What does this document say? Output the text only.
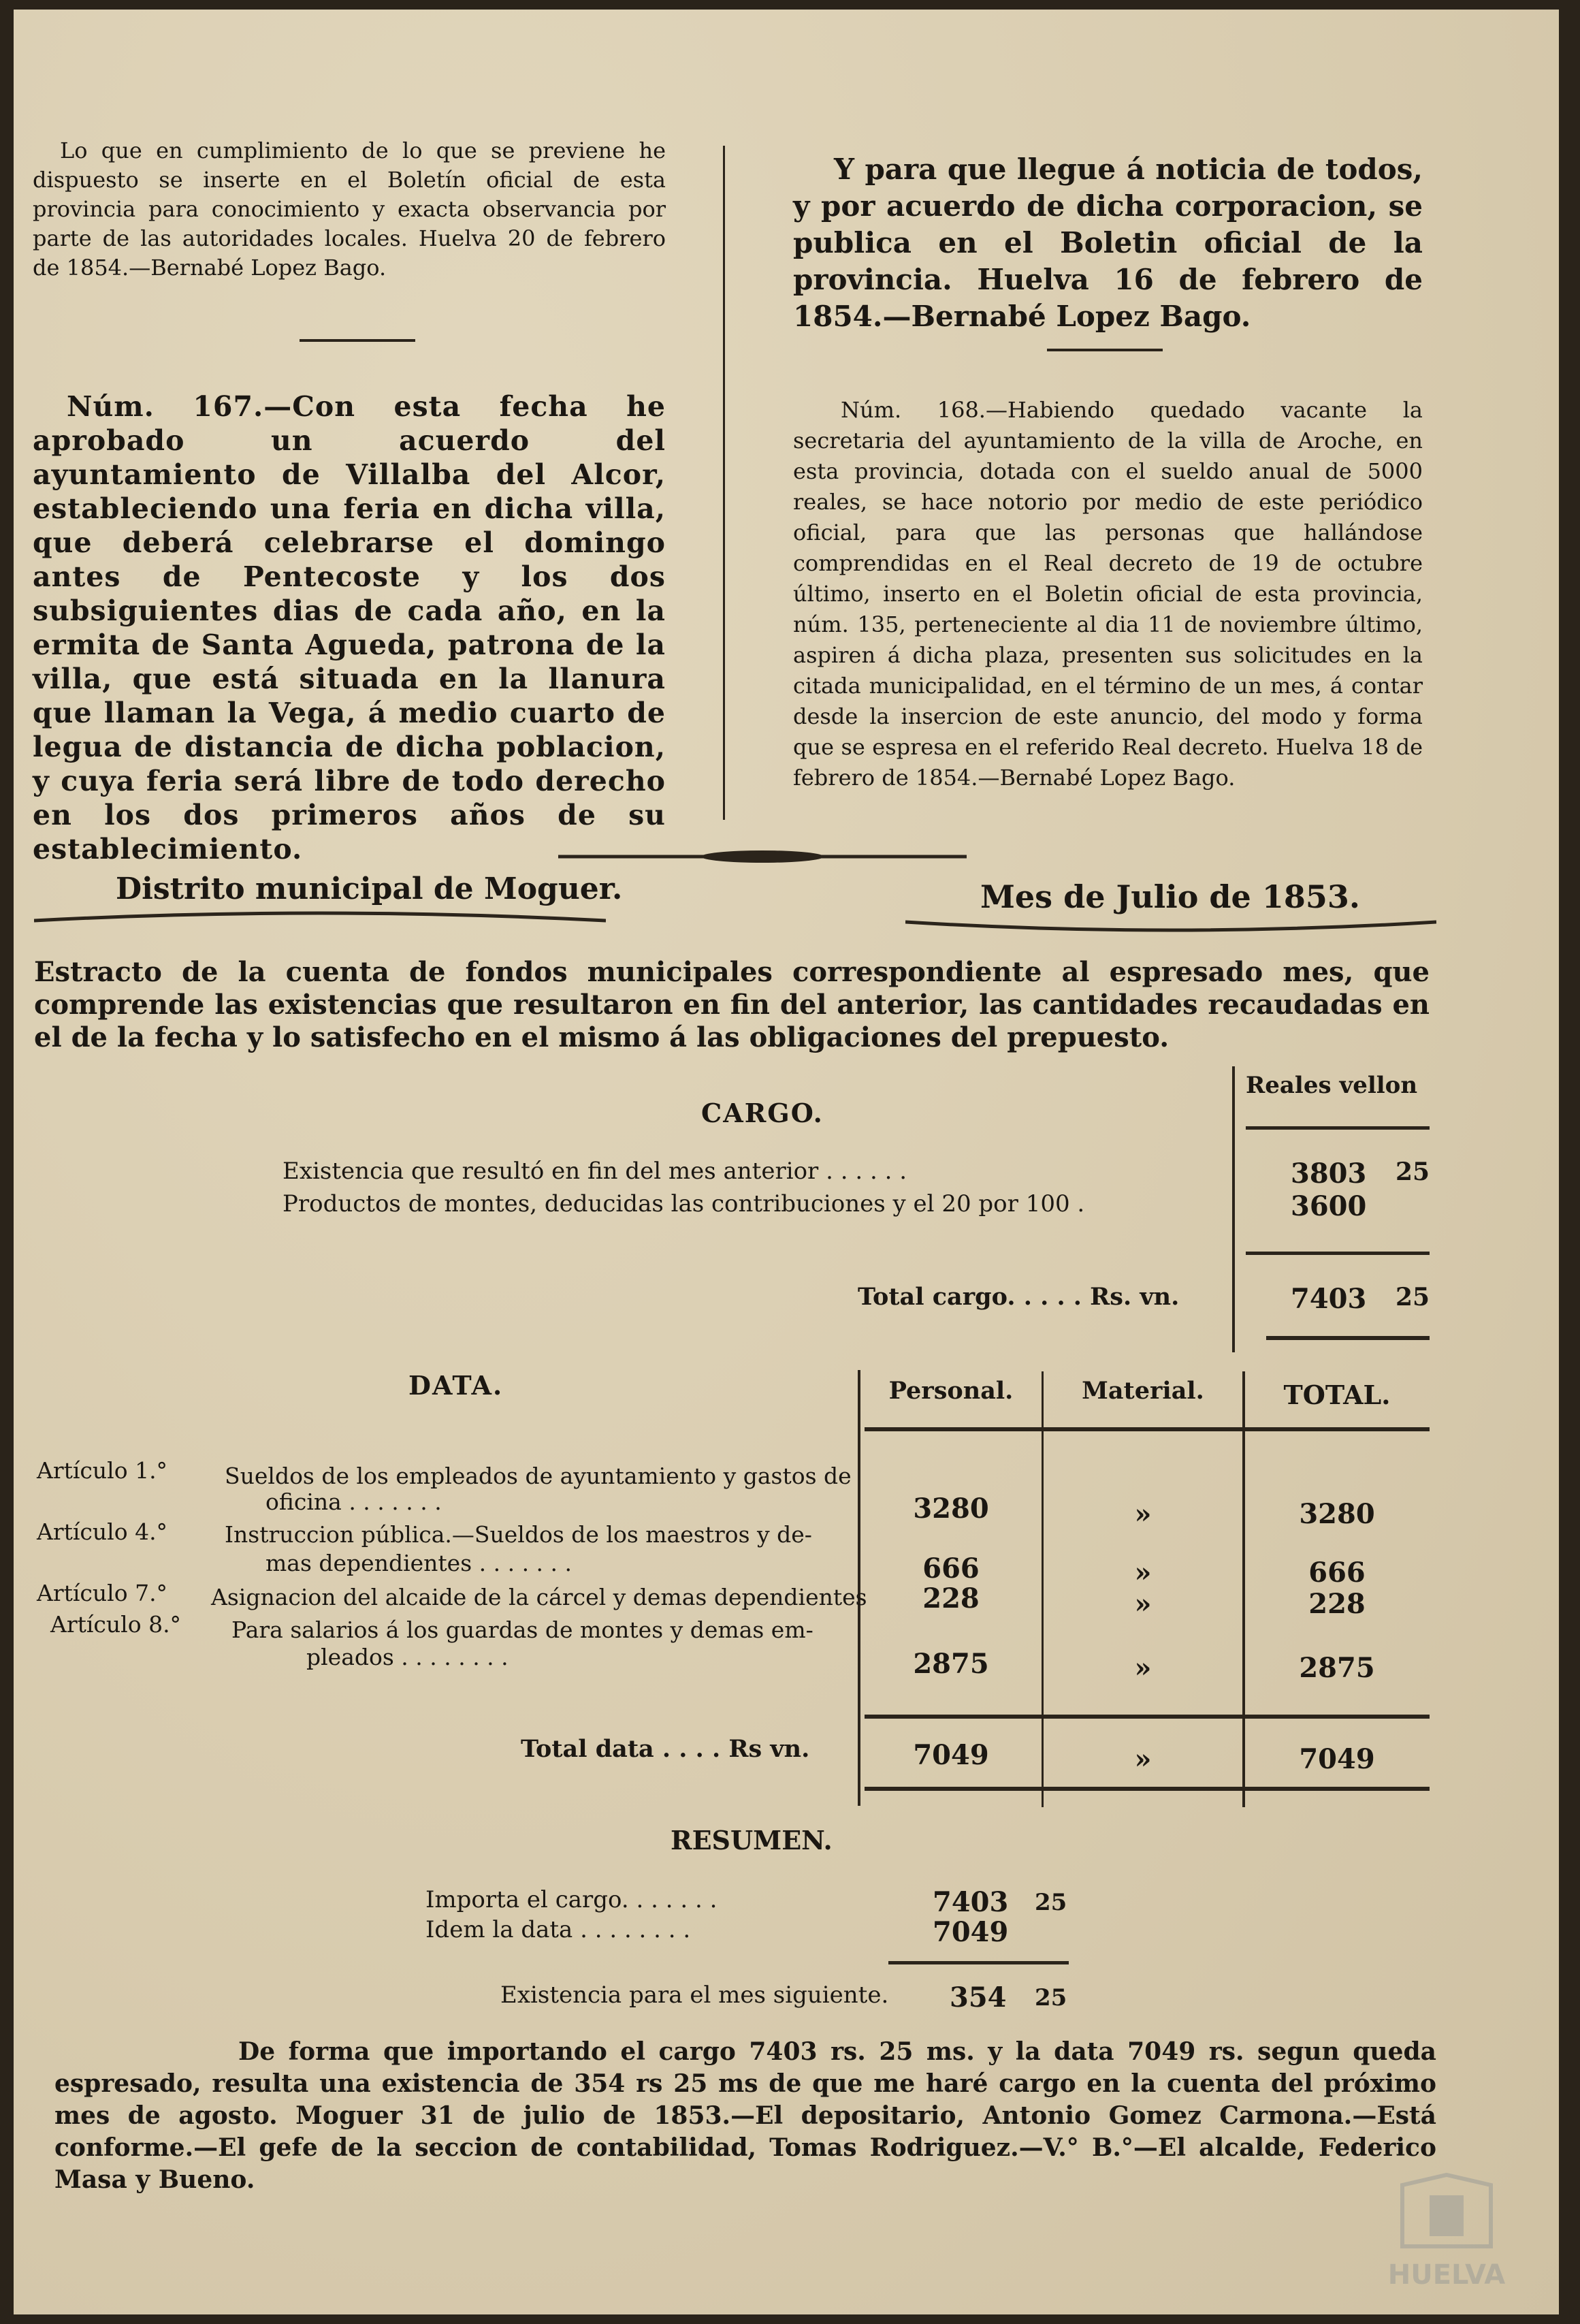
Lo que en cumplimiento de lo que se previene he dispuesto se inserte en el Boletín oficial de esta provincia para conocimiento y exacta observancia por parte de las autoridades locales. Huelva 20 de febrero de 1854.—Bernabé Lopez Bago.
Núm. 167.—Con esta fecha he aprobado un acuerdo del ayuntamiento de Villalba del Alcor, estableciendo una feria en dicha villa, que deberá celebrarse el domingo antes de Pentecoste y los dos subsiguientes dias de cada año, en la ermita de Santa Agueda, patrona de la villa, que está situada en la llanura que llaman la Vega, á medio cuarto de legua de distancia de dicha poblacion, y cuya feria será libre de todo derecho en los dos primeros años de su establecimiento.
Y para que llegue á noticia de todos, y por acuerdo de dicha corporacion, se publica en el Boletin oficial de la provincia. Huelva 16 de febrero de 1854.—Bernabé Lopez Bago.
Núm. 168.—Habiendo quedado vacante la secretaria del ayuntamiento de la villa de Aroche, en esta provincia, dotada con el sueldo anual de 5000 reales, se hace notorio por medio de este periódico oficial, para que las personas que hallándose comprendidas en el Real decreto de 19 de octubre último, inserto en el Boletin oficial de esta provincia, núm. 135, perteneciente al dia 11 de noviembre último, aspiren á dicha plaza, presenten sus solicitudes en la citada municipalidad, en el término de un mes, á contar desde la insercion de este anuncio, del modo y forma que se espresa en el referido Real decreto. Huelva 18 de febrero de 1854.—Bernabé Lopez Bago.
Distrito municipal de Moguer.	Mes de Julio de 1853.
Estracto de la cuenta de fondos municipales correspondiente al espresado mes, que comprende las existencias que resultaron en fin del anterior, las cantidades recaudadas en el de la fecha y lo satisfecho en el mismo á las obligaciones del prepuesto.
CARGO.
Reales vellon
Existencia que resultó en fin del mes anterior . . . . . .	3803 25
Productos de montes, deducidas las contribuciones y el 20 por 100 .	3600
Total cargo. . . . . Rs. vn.	7403 25
DATA.	Personal.	Material.	TOTAL.
Artículo 1.°	Sueldos de los empleados de ayuntamiento y gastos de
oficina . . . . . . .	3280	»	3280
Artículo 4.°	Instruccion pública.—Sueldos de los maestros y de-
mas dependientes . . . . . . .	666	»	666
Artículo 7.° Asignacion del alcaide de la cárcel y demas dependientes	228	»	228
Artículo 8.° Para salarios á los guardas de montes y demas em-
pleados . . . . . . . .	2875	»	2875
Total data . . . . Rs vn.	7049	»	7049
RESUMEN.
Importa el cargo. . . . . . .	7403 25
Idem la data . . . . . . . .	7049
Existencia para el mes siguiente. 354 25
De forma que importando el cargo 7403 rs. 25 ms. y la data 7049 rs. segun queda espresado, resulta una existencia de 354 rs 25 ms de que me haré cargo en la cuenta del próximo mes de agosto. Moguer 31 de julio de 1853.—El depositario, Antonio Gomez Carmona.—Está conforme.—El gefe de la seccion de contabilidad, Tomas Rodriguez.—V.° B.°—El alcalde, Federico Masa y Bueno.
HUELVA
